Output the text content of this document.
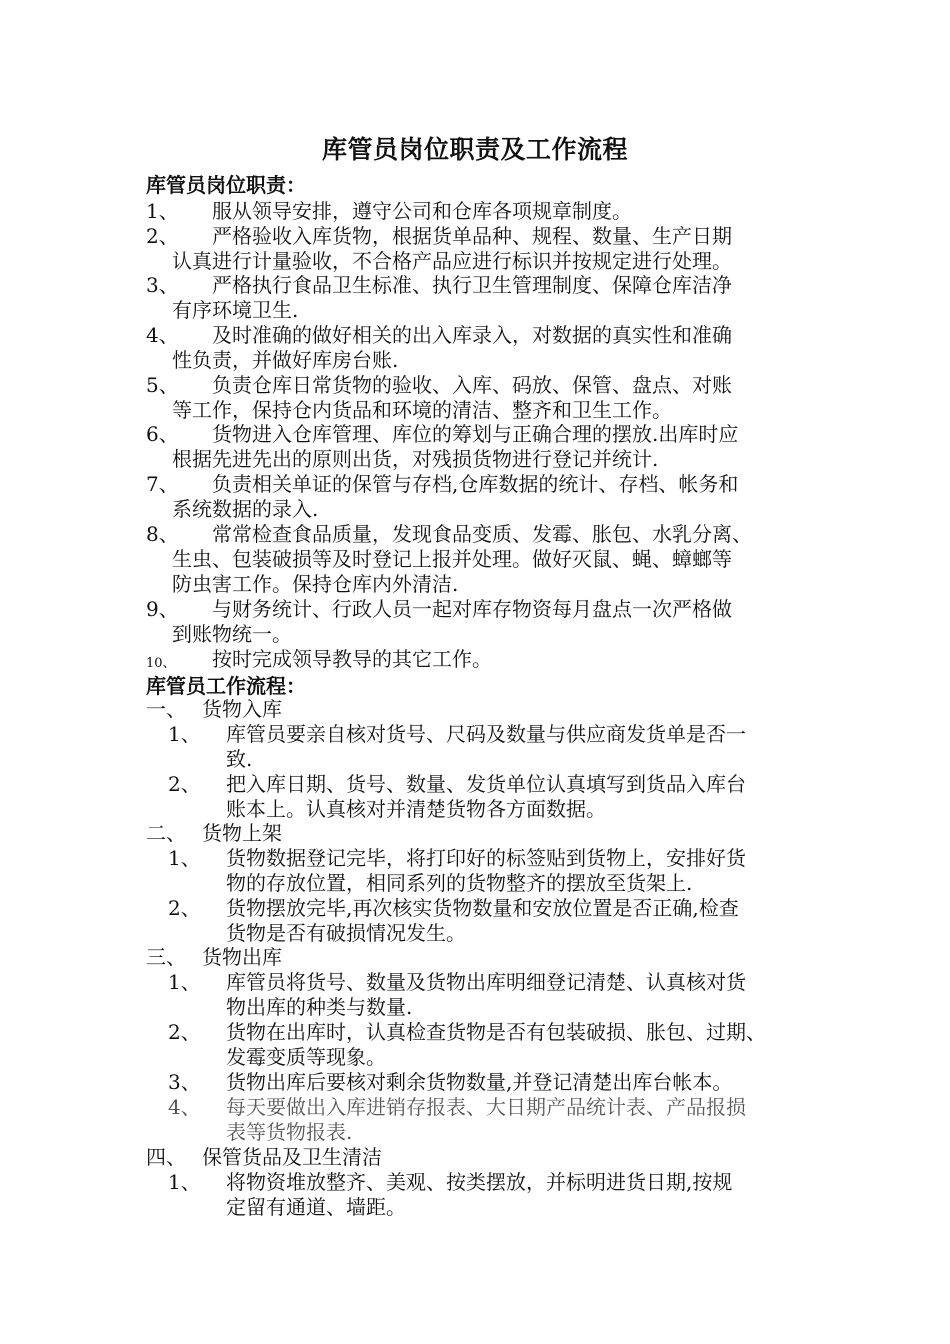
库管员岗位职责及工作流程
库管员岗位职责：
1、 服从领导安排，遵守公司和仓库各项规章制度。
2、 严格验收入库货物，根据货单品种、规程、数量、生产日期
认真进行计量验收，不合格产品应进行标识并按规定进行处理。
3、 严格执行食品卫生标准、执行卫生管理制度、保障仓库洁净
有序环境卫生.
4、 及时准确的做好相关的出入库录入，对数据的真实性和准确
性负责，并做好库房台账.
5、 负责仓库日常货物的验收、入库、码放、保管、盘点、对账
等工作，保持仓内货品和环境的清洁、整齐和卫生工作。
6、 货物进入仓库管理、库位的筹划与正确合理的摆放.出库时应
根据先进先出的原则出货，对残损货物进行登记并统计.
7、 负责相关单证的保管与存档,仓库数据的统计、存档、帐务和
系统数据的录入.
8、 常常检查食品质量，发现食品变质、发霉、胀包、水乳分离、
生虫、包装破损等及时登记上报并处理。做好灭鼠、蝇、蟑螂等
防虫害工作。保持仓库内外清洁.
9、 与财务统计、行政人员一起对库存物资每月盘点一次严格做
到账物统一。
10、 按时完成领导教导的其它工作。
库管员工作流程：
一、 货物入库
1、 库管员要亲自核对货号、尺码及数量与供应商发货单是否一
致.
2、 把入库日期、货号、数量、发货单位认真填写到货品入库台
账本上。认真核对并清楚货物各方面数据。
二、 货物上架
1、 货物数据登记完毕，将打印好的标签贴到货物上，安排好货
物的存放位置，相同系列的货物整齐的摆放至货架上.
2、 货物摆放完毕,再次核实货物数量和安放位置是否正确,检查
货物是否有破损情况发生。
三、 货物出库
1、 库管员将货号、数量及货物出库明细登记清楚、认真核对货
物出库的种类与数量.
2、 货物在出库时，认真检查货物是否有包装破损、胀包、过期、
发霉变质等现象。
3、 货物出库后要核对剩余货物数量,并登记清楚出库台帐本。
4、 每天要做出入库进销存报表、大日期产品统计表、产品报损
表等货物报表.
四、 保管货品及卫生清洁
1、 将物资堆放整齐、美观、按类摆放，并标明进货日期,按规
定留有通道、墙距。
